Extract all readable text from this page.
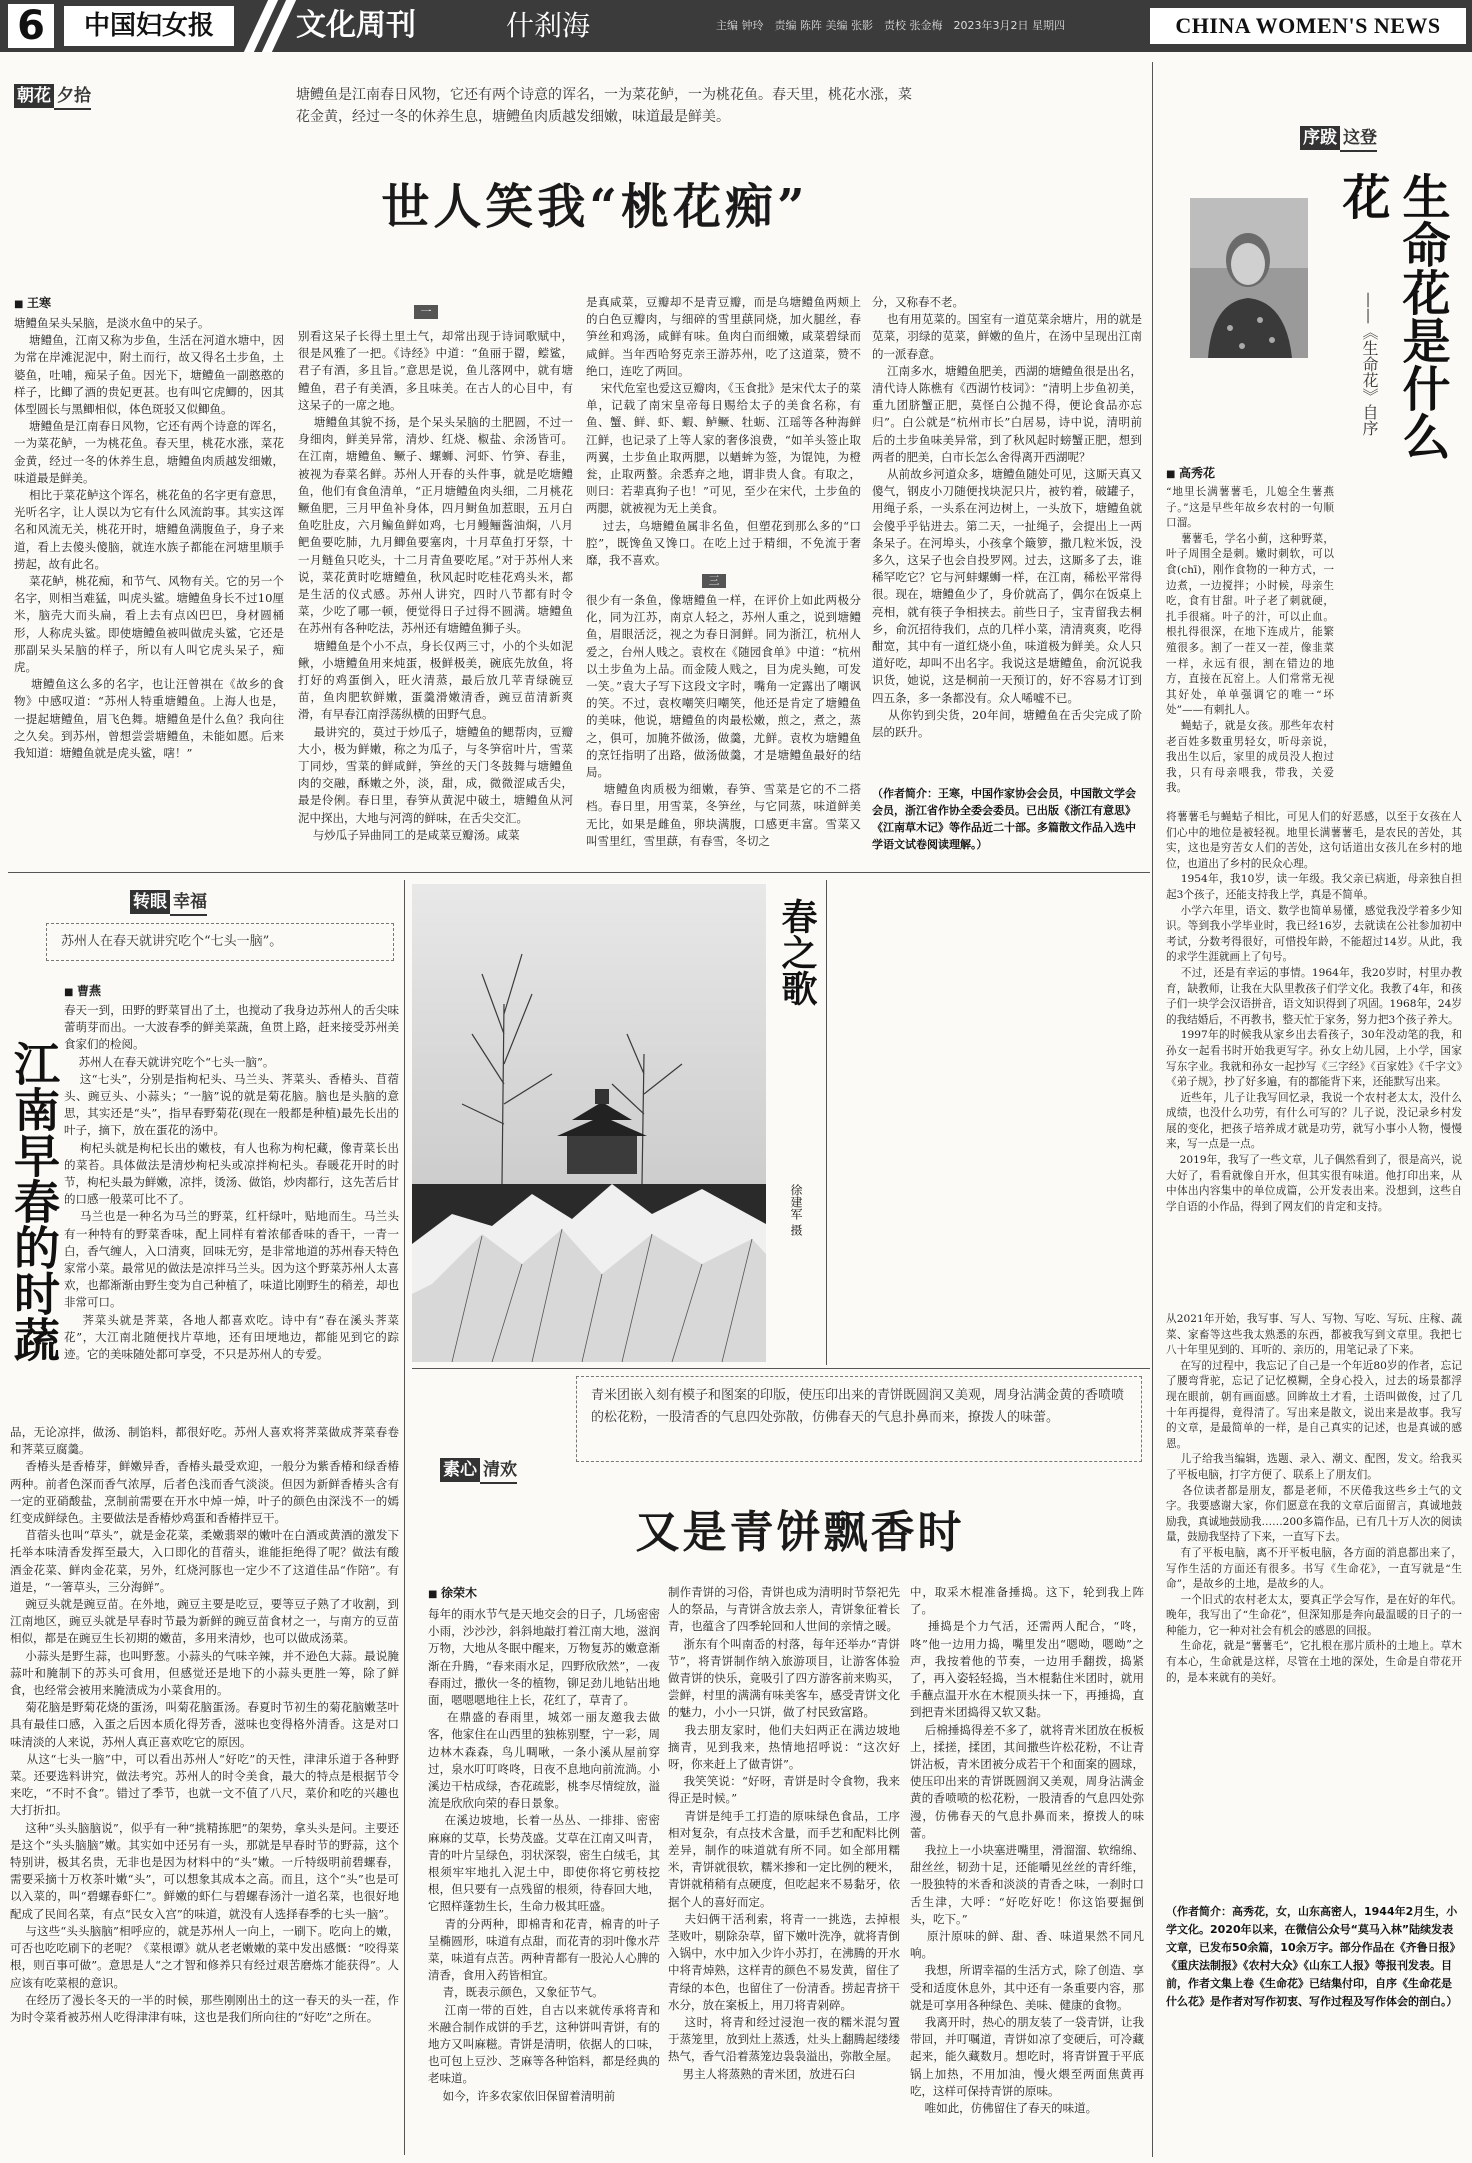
6	中国妇女报	文化周刊	什刹海	主编 钟玲　责编 陈阵 美编 张影　责校 张金梅　2023年3月2日 星期四	CHINA WOMEN'S NEWS
朝花 夕拾	塘鳢鱼是江南春日风物，它还有两个诗意的诨名，一为菜花鲈，一为桃花鱼。春天里，桃花水涨，菜花金黄，经过一冬的休养生息，塘鳢鱼肉质越发细嫩，味道最是鲜美。
世人笑我“桃花痴”
■ 王寒
塘鳢鱼呆头呆脑，是淡水鱼中的呆子。
塘鳢鱼，江南又称为步鱼，生活在河道水塘中，因为常在岸滩泥泥中，附土而行，故又得名土步鱼，土婆鱼，吐哺，痴呆子鱼。因光下，塘鳢鱼一副憨憨的样子，比鲫了酒的贵妃更甚。也有叫它虎鲫的，因其体型圆长与黑鲫相似，体色斑驳又似鲫鱼。
塘鳢鱼是江南春日风物，它还有两个诗意的诨名，一为菜花鲈，一为桃花鱼。春天里，桃花水涨，菜花金黄，经过一冬的休养生息，塘鳢鱼肉质越发细嫩，味道最是鲜美。
相比于菜花鲈这个诨名，桃花鱼的名字更有意思，光听名字，让人误以为它有什么风流韵事。其实这诨名和风流无关，桃花开时，塘鳢鱼满腹鱼子，身子来道，看上去傻头傻脑，就连水族子都能在河塘里顺手捞起，故有此名。
菜花鲈，桃花痴，和节气、风物有关。它的另一个名字，则相当难猛，叫虎头鲨。塘鳢鱼身长不过10厘米，脑壳大而头扁，看上去有点凶巴巴，身材圆桶形，人称虎头鲨。即使塘鳢鱼被叫做虎头鲨，它还是那副呆头呆脑的样子，所以有人叫它虎头呆子，痴虎。
塘鳢鱼这么多的名字，也让汪曾祺在《故乡的食物》中感叹道：“苏州人特重塘鳢鱼。上海人也是，一提起塘鳢鱼，眉飞色舞。塘鳢鱼是什么鱼？我向往之久矣。到苏州，曾想尝尝塘鳢鱼，未能如愿。后来我知道：塘鳢鱼就是虎头鲨，嗐！”
一
别看这呆子长得土里土气，却常出现于诗词歌赋中，很是风雅了一把。《诗经》中道：“鱼丽于罶，鲿鲨，君子有酒，多且旨。”意思是说，鱼儿落网中，就有塘鳢鱼，君子有美酒，多且味美。在古人的心目中，有这呆子的一席之地。
塘鳢鱼其貌不扬，是个呆头呆脑的土肥圆，不过一身细肉，鲜美异常，清炒、红烧、椒盐、余汤皆可。在江南，塘鳢鱼、鳜子、螺蛳、河虾、竹笋、春韭，被视为春菜名鲜。苏州人开春的头件事，就是吃塘鳢鱼，他们有食鱼清单，“正月塘鳢鱼肉头细，二月桃花鳜鱼肥，三月甲鱼补身体，四月鲥鱼加惹眼，五月白鱼吃肚皮，六月鳊鱼鲜如鸡，七月鳗鲡酱油焖，八月鲃鱼要吃肺，九月鲫鱼要塞肉，十月草鱼打牙祭，十一月鲢鱼只吃头，十二月青鱼要吃尾。”对于苏州人来说，菜花黄时吃塘鳢鱼，秋风起时吃桂花鸡头米，都是生活的仪式感。苏州人讲究，四时八节都有时令菜，少吃了哪一顿，便觉得日子过得不圆满。塘鳢鱼在苏州有各种吃法，苏州还有塘鳢鱼狮子头。
塘鳢鱼是个小不点，身长仅两三寸，小的个头如泥鳅，小塘鳢鱼用来炖蛋，极鲜极美，碗底先放鱼，将打好的鸡蛋倒入，旺火清蒸，最后放几苹青绿碗豆苗，鱼肉肥软鲜嫩，蛋羹滑嫩清香，豌豆苗清新爽滑，有早春江南浮荡纵横的田野气息。
最讲究的，莫过于炒瓜子，塘鳢鱼的鳃帮肉，豆瓣大小，极为鲜嫩，称之为瓜子，与冬笋宿叶片，雪菜丁同炒，雪菜的鲜咸鲜，笋丝的天门冬鼓舞与塘鳢鱼肉的交融，酥嫩之外，淡，甜，成，微微涩咸舌尖，最是伶俐。春日里，春笋从黄泥中破土，塘鳢鱼从河泥中探出，大地与河湾的鲜味，在舌尖交汇。
与炒瓜子异曲同工的是咸菜豆瓣汤。咸菜
是真咸菜，豆瓣却不是青豆瓣，而是乌塘鳢鱼两颊上的白色豆瓣肉，与细碎的雪里蕻同烧，加火腿丝，春笋丝和鸡汤，咸鲜有味。鱼肉白而细嫩，咸菜碧绿而咸鲜。当年西哈努克亲王游苏州，吃了这道菜，赞不绝口，连吃了两回。
宋代危室也爱这豆瓣肉，《玉食批》是宋代太子的菜单，记载了南宋皇帝每日赐给太子的美食名称，有鱼、蟹、鲜、虾、蝦、鲈鳜、牡蛎、江瑶等各种海鲜江鲜，也记录了上等人家的奢侈浪费，“如羊头签止取两翼，土步鱼止取两腮，以蝤蛑为签，为馄饨，为橙瓮，止取两螯。余悉弃之地，谓非贵人食。有取之，则曰：若辈真狗子也！”可见，至少在宋代，土步鱼的两腮，就被视为无上美食。
过去，乌塘鳢鱼属非名鱼，但塑花到那么多的“口腔”，既馋鱼又馋口。在吃上过于精细，不免流于奢靡，我不喜欢。
三
很少有一条鱼，像塘鳢鱼一样，在评价上如此两极分化，同为江苏，南京人轻之，苏州人重之，说到塘鳢鱼，眉眼活泛，视之为春日洞鲜。同为浙江，杭州人爱之，台州人贱之。袁枚在《随园食单》中道：“杭州以土步鱼为上品。而金陵人贱之，目为虎头鲍，可发一笑。”袁大子写下这段文字时，嘴角一定露出了嘲讽的笑。不过，袁枚嘲笑归嘲笑，他还是肯定了塘鳢鱼的美味，他说，塘鳢鱼的肉最松嫩，煎之，煮之，蒸之，俱可，加腌芥做汤，做羹，尤鲜。袁枚为塘鳢鱼的烹饪指明了出路，做汤做羹，才是塘鳢鱼最好的结局。
塘鳢鱼肉质极为细嫩，春笋、雪菜是它的不二搭档。春日里，用雪菜，冬笋丝，与它同蒸，味道鲜美无比，如果是雌鱼，卵块满腹，口感更丰富。雪菜又叫雪里红，雪里蕻，有春雪，冬切之
分，又称春不老。
也有用苋菜的。国室有一道苋菜余塘片，用的就是苋菜，羽绿的苋菜，鲜嫩的鱼片，在汤中呈现出江南的一派春意。
江南多水，塘鳢鱼肥美，西湖的塘鳢鱼很是出名，清代诗人陈樵有《西湖竹枝词》：“清明上步鱼初美，重九团脐蟹正肥，莫怪白公抛不得，便论食品亦忘归”。白公就是“杭州市长”白居易，诗中说，清明前后的土步鱼味美异常，到了秋风起时螃蟹正肥，想到两者的肥美，白市长怎么舍得离开西湖呢？
从前故乡河道众多，塘鳢鱼随处可见，这厮天真又傻气，钢皮小刀随便找块泥只片，被钓着，破罐子，用绳子系，一头系在河边树上，一头放下，塘鳢鱼就会傻乎乎钻进去。第二天，一扯绳子，会提出上一两条呆子。在河埠头，小孩拿个簸箩，撒几粒米饭，没多久，这呆子也会自投罗网。过去，这厮多了去，谁稀罕吃它？它与河蚌螺蛳一样，在江南，稀松平常得很。现在，塘鳢鱼少了，身价就高了，偶尔在饭桌上亮相，就有筷子争相挟去。前些日子，宝青留我去桐乡，俞沉招待我们，点的几样小菜，清清爽爽，吃得酣宽，其中有一道红烧小鱼，味道极为鲜美。众人只道好吃，却叫不出名字。我说这是塘鳢鱼，俞沉说我识货，她说，这是桐前一天预订的，好不容易才订到四五条，多一条都没有。众人唏嘘不已。
从你钓到尖货，20年间，塘鳢鱼在舌尖完成了阶层的跃升。
（作者简介：王寒，中国作家协会会员，中国散文学会会员，浙江省作协全委会委员。已出版《浙江有意思》《江南草木记》等作品近二十部。多篇散文作品入选中学语文试卷阅读理解。）
序跋 这登
生命花是什么花
——《生命花》自序
■ 高秀花
“地里长满薯薯毛，儿媳全生薯燕子。”这是早些年故乡农村的一句顺口溜。
薯薯毛，学名小蓟，这种野菜，叶子周围全是刺。嫩时刺软，可以食(chī)，刚作食物的一种方式，一边煮，一边搅拌；小时候，母亲生吃，食有甘甜。叶子老了刺就硬，扎手很痛。叶子的汁，可以止血。根扎得很深，在地下连成片，能繁殖很多。割了一茬又一茬，像韭菜一样，永远有很，割在错边的地方，直接在瓦窑上。人们常常无视其好处，单单强调它的唯一“坏处”——有刺扎人。
蝇蛄子，就是女孩。那些年农村老百姓多数重男轻女，听母亲说，我出生以后，家里的成员没人抱过我，只有母亲喂我，带我，关爱我。
将薯薯毛与蝇蛄子相比，可见人们的好恶感，以至于女孩在人们心中的地位是被轻视。地里长满薯薯毛，是农民的苦处，其实，这也是穷苦女人们的苦处，这句话道出女孩儿在乡村的地位，也道出了乡村的民众心理。
1954年，我10岁，读一年级。我父亲已病逝，母亲独自担起3个孩子，还能支持我上学，真是不简单。
小学六年里，语文、数学也简单易懂，感觉我没学着多少知识。等到我小学毕业时，我已经16岁，去就读在公社参加初中考试，分数考得很好，可惜投年龄，不能超过14岁。从此，我的求学生涯就画上了句号。
不过，还是有幸运的事情。1964年，我20岁时，村里办教育，缺教师，让我在大队里教孩子们学文化。我教了4年，和孩子们一块学会汉语拼音，语文知识得到了巩固。1968年，24岁的我结婚后，不再教书，整天忙于家务，努力把3个孩子养大。
1997年的时候我从家乡出去看孩子，30年没动笔的我，和孙女一起看书时开始我更写字。孙女上幼儿园，上小学，国家写东字业。我就和孙女一起抄写《三字经》《百家姓》《千字文》《弟子规》，抄了好多遍，有的都能背下来，还能默写出来。
近些年，儿子让我写回忆录，我说一个农村老太太，没什么成绩，也没什么功劳，有什么可写的？儿子说，没记录乡村发展的变化，把孩子培养成才就是功劳，就写小事小人物，慢慢来，写一点是一点。
2019年，我写了一些文章，儿子偶然看到了，很是高兴，说大好了，看看就像自开水，但其实很有味道。他打印出来，从中体出内容集中的单位成篇，公开发表出来。没想到，这些自学自语的小作品，得到了网友们的肯定和支持。
从2021年开始，我写事、写人、写物、写吃、写玩、庄稼、蔬菜、家畜等这些我太熟悉的东西，都被我写到文章里。我把七八十年里见到的、耳听的、亲历的，用笔记录了下来。
在写的过程中，我忘记了自己是一个年近80岁的作者，忘记了腰弯背驼，忘记了记忆模糊，全身心投入，过去的场景都浮现在眼前，朝有画面感。回眸故土才看，土语叫做俊，过了几十年再提得，竟得清了。写出来是散文，说出来是故事。我写的文章，是最简单的一样，是自己真实的记述，也是真诚的感恩。
儿子给我当编辑，选题、录入、潮文、配图，发文。给我买了平板电脑，打字方便了、联系上了朋友们。
各位读者都是朋友，都是老师，不厌倦我这些乡土气的文字。我要感谢大家，你们愿意在我的文章后面留言，真诚地鼓励我，真诚地鼓励我……200多篇作品，已有几十万人次的阅读量，鼓励我坚持了下来，一直写下去。
有了平板电脑，离不开平板电脑，各方面的消息都出来了，写作生活的方面还有很多。书写《生命花》，一直写就是“生命”，是故乡的土地，是故乡的人。
一个旧式的农村老太太，要真正学会写作，是在好的年代。晚年，我写出了“生命花”，但深知那是奔向最温暖的日子的一种能力，它一种对社会有机会的感恩的回报。
生命花，就是“薯薯毛”，它扎根在那片质朴的土地上。草木有本心，生命就是这样，尽管在土地的深处，生命是自带花开的，是本来就有的美好。
（作者简介：高秀花，女，山东高密人，1944年2月生，小学文化。2020年以来，在微信公众号“莫马入林”陆续发表文章，已发布50余篇，10余万字。部分作品在《齐鲁日报》《重庆法制报》《农村大众》《山东工人报》等报刊发表。目前，作者文集上卷《生命花》已结集付印，自序《生命花是什么花》是作者对写作初衷、写作过程及写作体会的剖白。）
转眼 幸福
苏州人在春天就讲究吃个“七头一脑”。
■ 曹燕
江南早春的时蔬
春天一到，田野的野菜冒出了土，也搅动了我身边苏州人的舌尖味蕾萌芽而出。一大波春季的鲜美菜蔬，鱼贯上路，赶来接受苏州美食家们的检阅。
苏州人在春天就讲究吃个“七头一脑”。
这“七头”，分别是指枸杞头、马兰头、荠菜头、香椿头、苜蓿头、豌豆头、小蒜头；“一脑”说的就是菊花脑。脑也是头脑的意思，其实还是“头”，指早春野菊花(现在一般都是种植)最先长出的叶子，摘下，放在蛋花的汤中。
枸杞头就是枸杞长出的嫩枝，有人也称为枸杞藏，像青菜长出的菜苔。具体做法是清炒枸杞头或凉拌枸杞头。春暖花开时的时节，枸杞头最为鲜嫩，凉拌，烫汤、做馅，炒肉都行，这先苦后甘的口感一般菜可比不了。
马兰也是一种名为马兰的野菜，红杆绿叶，贴地而生。马兰头有一种特有的野菜香味，配上同样有着浓郁香味的香干，一青一白，香气缠人，入口清爽，回味无穷，是非常地道的苏州春天特色家常小菜。最常见的做法是凉拌马兰头。因为这个野菜苏州人太喜欢，也都渐渐由野生变为自己种植了，味道比刚野生的稍差，却也非常可口。
荠菜头就是荠菜，各地人都喜欢吃。诗中有“春在溪头荠菜花”，大江南北随便找片草地，还有田埂地边，都能见到它的踪迹。它的美味随处都可享受，不只是苏州人的专爱。
品，无论凉拌，做汤、制馅料，都很好吃。苏州人喜欢将荠菜做成荠菜春卷和荠菜豆腐羹。
香椿头是香椿芽，鲜嫩异香，香椿头最受欢迎，一般分为紫香椿和绿香椿两种。前者色深而香气浓厚，后者色浅而香气淡淡。但因为新鲜香椿头含有一定的亚硝酸盐，烹制前需要在开水中焯一焯，叶子的颜色由深浅不一的嫣红变成鲜绿色。主要做法是香椿炒鸡蛋和香椿拌豆干。
苜蓿头也叫“草头”，就是金花菜，柔嫩翡翠的嫩叶在白酒或黄酒的激发下托举本味清香发挥至最大，入口即化的苜蓿头，谁能拒绝得了呢？做法有酸酒金花菜、鲜肉金花菜，另外，红烧河豚也一定少不了这道佳品“作陪”。有道是，“一箸草头，三分海鲜”。
豌豆头就是豌豆苗。在外地，豌豆主要是吃豆，要等豆子熟了才收割，到江南地区，豌豆头就是早春时节最为新鲜的豌豆苗食材之一，与南方的豆苗相似，都是在豌豆生长初期的嫩苗，多用来清炒，也可以做成汤菜。
小蒜头是野生蒜，也叫野葱。小蒜头的气味辛辣，并不逊色大蒜。最说腌蒜叶和腌制下的苏头可食用，但感觉还是地下的小蒜头更胜一筹，除了鲜食，也经常会被用来腌渍成为小菜食用的。
菊花脑是野菊花烧的蛋汤，叫菊花脑蛋汤。春夏时节初生的菊花脑嫩茎叶具有最佳口感，入蛋之后因本质化得芳香，滋味也变得格外清香。这是对口味清淡的人来说，苏州人真正喜欢吃它的原因。
从这“七头一脑”中，可以看出苏州人“好吃”的天性，津津乐道于各种野菜。还要选料讲究，做法考究。苏州人的时令美食，最大的特点是根据节令来吃，“不时不食”。错过了季节，也就一文不值了八尺，菜价和吃的兴趣也大打折扣。
这种“头头脑脑说”，似乎有一种“挑精拣肥”的架势，拿头头是问。主要还是这个“头头脑脑”嫩。其实如中还另有一头，那就是早春时节的野蒜，这个特别讲，极其名贵，无非也是因为材料中的“头”嫩。一斤特级明前碧螺春，需要采摘十万枚茶叶嫩“头”，可以想象其成本之高。而且，这个“头”也是可以入菜的，叫“碧螺春虾仁”。鲜嫩的虾仁与碧螺春汤汁一道名菜，也很好地配成了民间名菜，有点“民女入宫”的味道，就没有人选择春季的七头一脑”。
与这些“头头脑脑”相呼应的，就是苏州人一向上，一刷下。吃向上的嫩，可否也吃吃刷下的老呢？《菜根谭》就从老老嫩嫩的菜中发出感慨：“咬得菜根，则百事可做”。意思是人“之才智和修养只有经过艰苦磨炼才能获得”。人应该有吃菜根的意识。
在经历了漫长冬天的一半的时候，那些刚刚出土的这一春天的头一茬，作为时令菜肴被苏州人吃得津津有味，这也是我们所向往的“好吃”之所在。
春之歌
徐建军 摄
青米团嵌入刻有模子和图案的印版，使压印出来的青饼既圆润又美观，周身沾满金黄的香喷喷的松花粉，一股清香的气息四处弥散，仿佛春天的气息扑鼻而来，撩拨人的味蕾。
素心 清欢
又是青饼飘香时
■ 徐荣木
每年的雨水节气是天地交会的日子，几场密密小雨，沙沙沙，斜斜地敲打着江南大地，滋润万物，大地从冬眠中醒来，万物复苏的嫩意渐渐在升腾，“春来雨水足，四野欣欣然”，一夜春雨过，撒伙一冬的植物，铆足劲儿地钻出地面，嗯嗯嗯地往上长，花红了，草青了。
在鼎盛的春雨里，城郊一丽友邀我去做客，他家住在山西里的独栋别墅，宁一彩，周边林木森森，鸟儿啁啾，一条小溪从屋前穿过，泉水叮叮咚咚，日夜不息地向前流淌。小溪边干枯成绿，杏花疏影，桃李尽情绽放，溢流是欣欣向荣的春日景象。
在溪边坡地，长着一丛丛、一排排、密密麻麻的艾草，长势茂盛。艾草在江南又叫青，青的叶片呈绿色，羽状深裂，密生白绒毛，其根须牢牢地扎入泥土中，即使你将它剪枝挖根，但只要有一点残留的根须，待春回大地，它照样蓬勃生长，生命力极其旺盛。
青的分两种，即棉青和花青，棉青的叶子呈椭圆形，味道有点甜，而花青的羽叶像水芹菜，味道有点苦。两种青都有一股沁人心脾的清香，食用入药皆相宜。
青，既表示颜色，又象征节气。
江南一带的百姓，自古以来就传承将青和米融合制作成饼的手艺，这种饼叫青饼，有的地方又叫麻糍。青饼是清明，依据人的口味，也可包上豆沙、芝麻等各种馅料，都是经典的老味道。
如今，许多农家依旧保留着清明前
制作青饼的习俗，青饼也成为清明时节祭祀先人的祭品，与青饼含放去亲人，青饼象征着长青，也蕴含了四季轮回和人世间的亲情之暖。
浙东有个叫南岙的村落，每年还举办“青饼节”，将青饼制作纳入旅游项目，让游客体验做青饼的快乐，竟吸引了四方游客前来购买，尝鲜，村里的满满有味美客车，感受青饼文化的魅力，小小一只饼，做了村民致富路。
我去朋友家时，他们夫妇两正在满边坡地摘青，见到我来，热情地招呼说：“这次好呀，你来赶上了做青饼”。
我笑笑说：“好呀，青饼是时令食物，我来得正是时候。”
青饼是纯手工打造的原味绿色食品，工序相对复杂，有点技术含量，而手艺和配料比例差异，制作的味道就有所不同。如全部用糯米，青饼就很软，糯米掺和一定比例的粳米，青饼就稍稍有点硬度，但吃起来不易黏牙，依据个人的喜好而定。
夫妇俩干活利索，将青一一挑选，去掉根茎败叶，剔除杂草，留下嫩叶洗净，就将青倒入锅中，水中加入少许小苏打，在沸腾的开水中将青焯熟，这样青的颜色不易发黄，留住了青绿的本色，也留住了一份清香。捞起青挤干水分，放在案板上，用刀将青剁碎。
这时，将青和经过浸泡一夜的糯米混匀置于蒸笼里，放到灶上蒸透，灶头上翻腾起缕缕热气，香气沿着蒸笼边袅袅溢出，弥散全屋。
男主人将蒸熟的青米团，放进石臼
中，取采木棍准备捶捣。这下，轮到我上阵了。
捶捣是个力气活，还需两人配合，“咚，咚”他一边用力捣，嘴里发出“嗯呦，嗯呦”之声，我按着他的节奏，一边用手翻拨，捣紧了，再入姿轻轻捣，当木棍黏住米团时，就用手蘸点温开水在木棍顶头抹一下，再捶捣，直到把青米团捣得又软又黏。
后棉捶捣得差不多了，就将青米团放在板板上，揉搓，揉团，其间撒些许松花粉，不让青饼沾板，青米团被分成若干个和面案的圆球，使压印出来的青饼既圆润又美观，周身沾满金黄的香喷喷的松花粉，一股清香的气息四处弥漫，仿佛春天的气息扑鼻而来，撩拨人的味蕾。
我拉上一小块塞进嘴里，滑溜溜、软绵绵、甜丝丝，韧劲十足，还能嚼见丝丝的青纤维，一股独特的米香和淡淡的青香之味，一刹时口舌生津，大呼：“好吃好吃！你这馅要掘倒头，吃下。”
原汁原味的鲜、甜、香、味道果然不同凡响。
我想，所谓幸福的生活方式，除了创造、享受和适度休息外，其中还有一条重要内容，那就是可享用各种绿色、美味、健康的食物。
我离开时，热心的朋友装了一袋青饼，让我带回，并叮嘱道，青饼如凉了变硬后，可冷藏起来，能久藏数月。想吃时，将青饼置于平底锅上加热，不用加油，慢火煨至两面焦黄再吃，这样可保持青饼的原味。
唯如此，仿佛留住了春天的味道。
